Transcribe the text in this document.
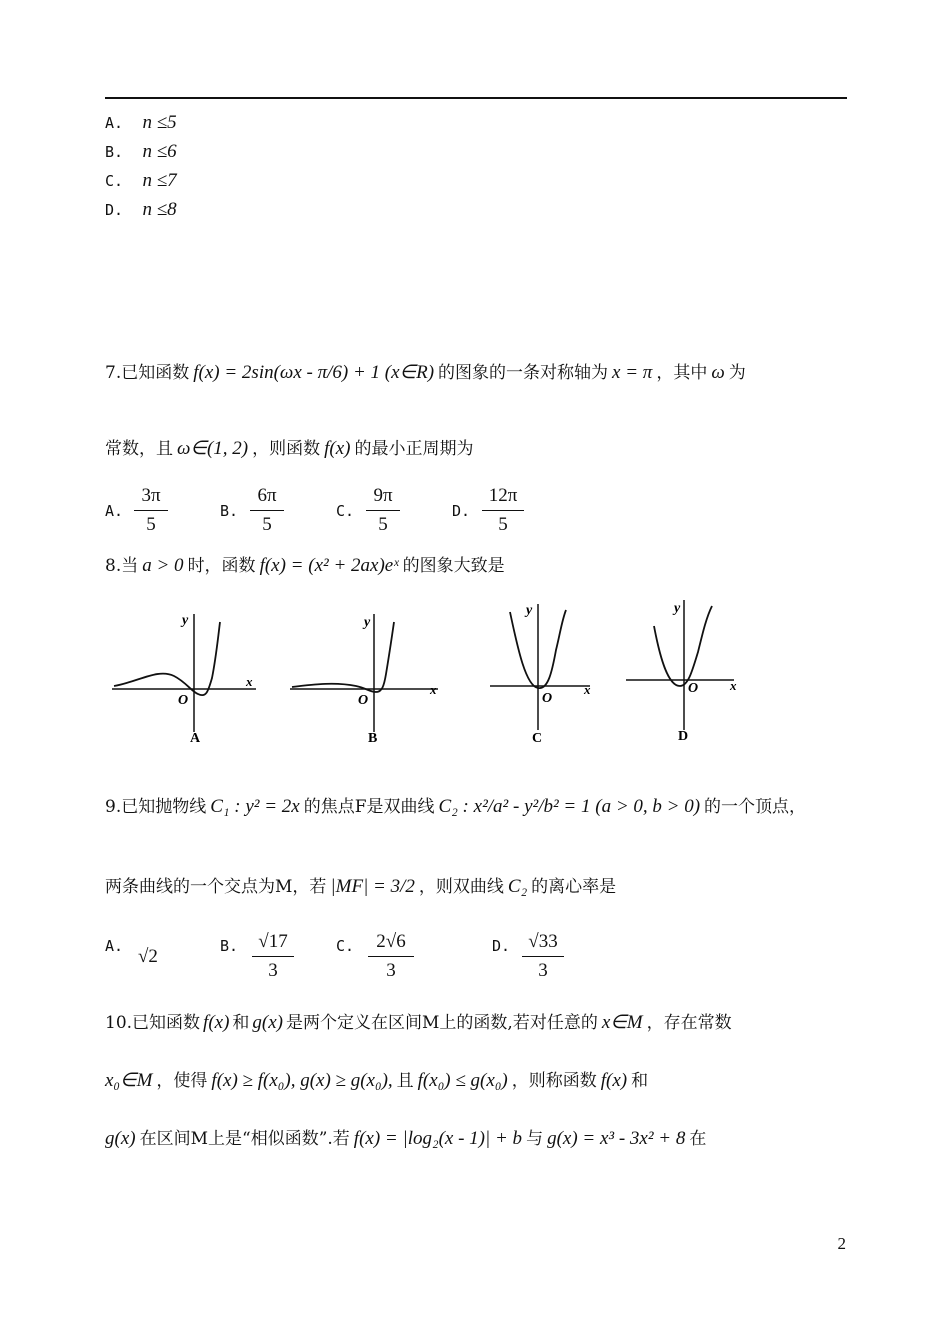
A. n ≤5
B. n ≤6
C. n ≤7
D. n ≤8
7.已知函数 f(x) = 2sin(ωx - π/6) + 1 (x∈R) 的图象的一条对称轴为 x = π ，其中 ω 为
常数，且 ω∈(1, 2) ，则函数 f(x) 的最小正周期为
A.
3π
5
B.
6π
5
C.
9π
5
D.
12π
5
8.当 a > 0 时，函数 f(x) = (x² + 2ax)eˣ 的图象大致是
y
x
O
A
y
x
O
B
y
x
O
C
y
x
O
D
9.已知抛物线 C₁ : y² = 2x 的焦点F是双曲线 C₂ : x²/a² - y²/b² = 1 (a > 0, b > 0) 的一个顶点，
两条曲线的一个交点为M，若 |MF| = 3/2 ，则双曲线 C₂ 的离心率是
A. √2	B.	√17
3
C.	2√6
3
D. √33
3
10.已知函数 f(x) 和 g(x) 是两个定义在区间M上的函数,若对任意的 x∈M ，存在常数
x₀∈M ，使得 f(x) ≥ f(x₀), g(x) ≥ g(x₀), 且 f(x₀) ≤ g(x₀) ，则称函数 f(x) 和
g(x) 在区间M上是“相似函数”.若 f(x) = |log₂(x - 1)| + b 与 g(x) = x³ - 3x² + 8 在
2
